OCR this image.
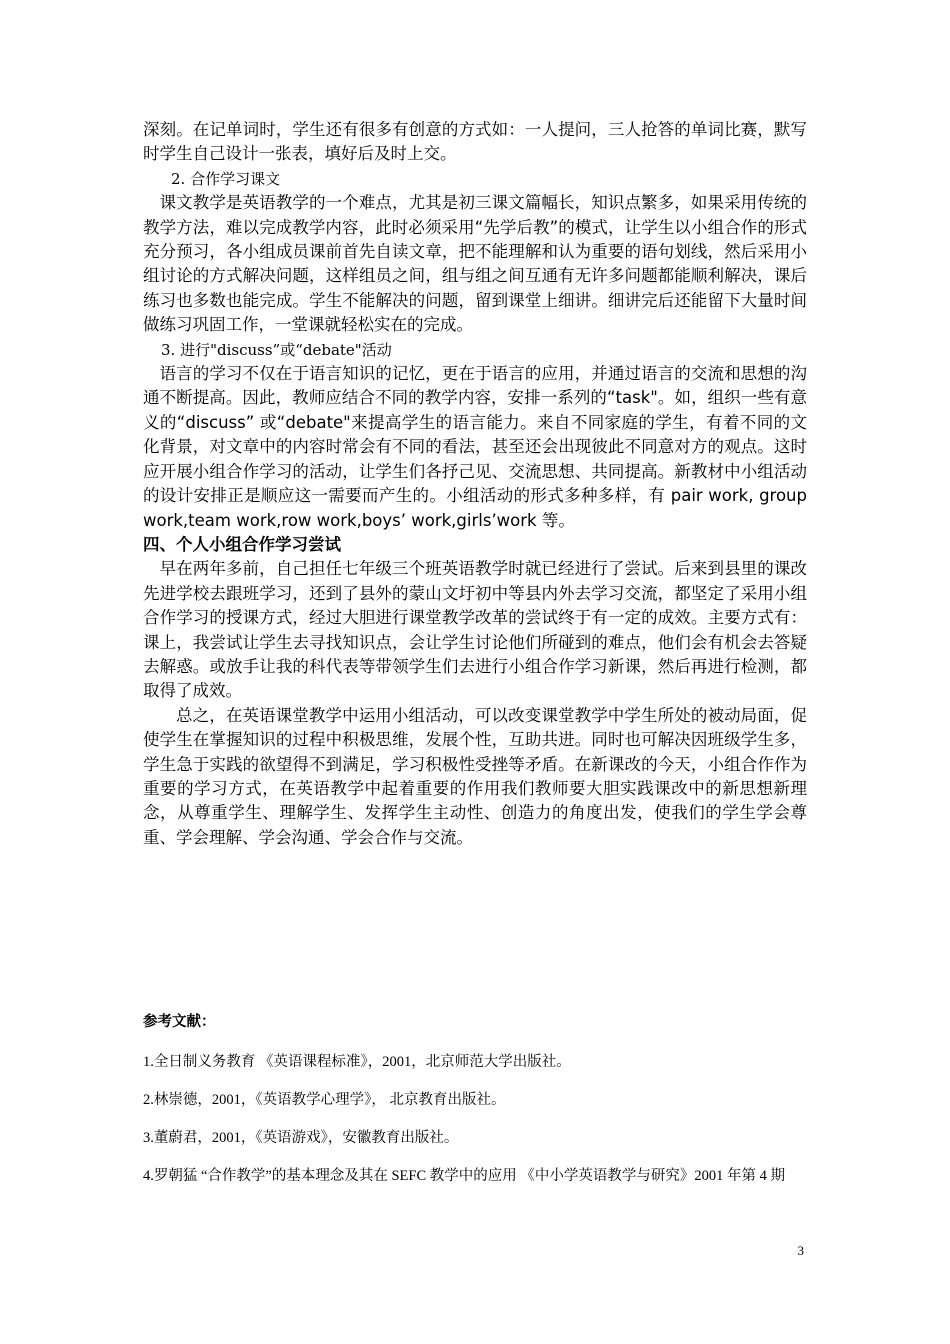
深刻。在记单词时，学生还有很多有创意的方式如：一人提问，三人抢答的单词比赛，默写时学生自己设计一张表，填好后及时上交。

2. 合作学习课文

课文教学是英语教学的一个难点，尤其是初三课文篇幅长，知识点繁多，如果采用传统的教学方法，难以完成教学内容，此时必须采用“先学后教”的模式，让学生以小组合作的形式充分预习，各小组成员课前首先自读文章，把不能理解和认为重要的语句划线，然后采用小组讨论的方式解决问题，这样组员之间，组与组之间互通有无许多问题都能顺利解决，课后练习也多数也能完成。学生不能解决的问题，留到课堂上细讲。细讲完后还能留下大量时间做练习巩固工作，一堂课就轻松实在的完成。

3. 进行"discuss”或“debate"活动

语言的学习不仅在于语言知识的记忆，更在于语言的应用，并通过语言的交流和思想的沟通不断提高。因此，教师应结合不同的教学内容，安排一系列的“task"。如，组织一些有意义的“discuss” 或“debate"来提高学生的语言能力。来自不同家庭的学生，有着不同的文化背景，对文章中的内容时常会有不同的看法，甚至还会出现彼此不同意对方的观点。这时应开展小组合作学习的活动，让学生们各抒己见、交流思想、共同提高。新教材中小组活动的设计安排正是顺应这一需要而产生的。小组活动的形式多种多样，有 pair work, group work,team work,row work,boys’ work,girls’work 等。

四、个人小组合作学习尝试

早在两年多前，自己担任七年级三个班英语教学时就已经进行了尝试。后来到县里的课改先进学校去跟班学习，还到了县外的蒙山文圩初中等县内外去学习交流，都坚定了采用小组合作学习的授课方式，经过大胆进行课堂教学改革的尝试终于有一定的成效。主要方式有：课上，我尝试让学生去寻找知识点，会让学生讨论他们所碰到的难点，他们会有机会去答疑去解惑。或放手让我的科代表等带领学生们去进行小组合作学习新课，然后再进行检测，都取得了成效。

总之，在英语课堂教学中运用小组活动，可以改变课堂教学中学生所处的被动局面，促使学生在掌握知识的过程中积极思维，发展个性，互助共进。同时也可解决因班级学生多，学生急于实践的欲望得不到满足，学习积极性受挫等矛盾。在新课改的今天，小组合作作为重要的学习方式，在英语教学中起着重要的作用我们教师要大胆实践课改中的新思想新理念，从尊重学生、理解学生、发挥学生主动性、创造力的角度出发，使我们的学生学会尊重、学会理解、学会沟通、学会合作与交流。

参考文献：

1.全日制义务教育 《英语课程标准》，2001，北京师范大学出版社。

2.林崇德，2001，《英语教学心理学》， 北京教育出版社。

3.董蔚君，2001，《英语游戏》，安徽教育出版社。

4.罗朝猛 “合作教学”的基本理念及其在 SEFC 教学中的应用 《中小学英语教学与研究》2001 年第 4 期

3
